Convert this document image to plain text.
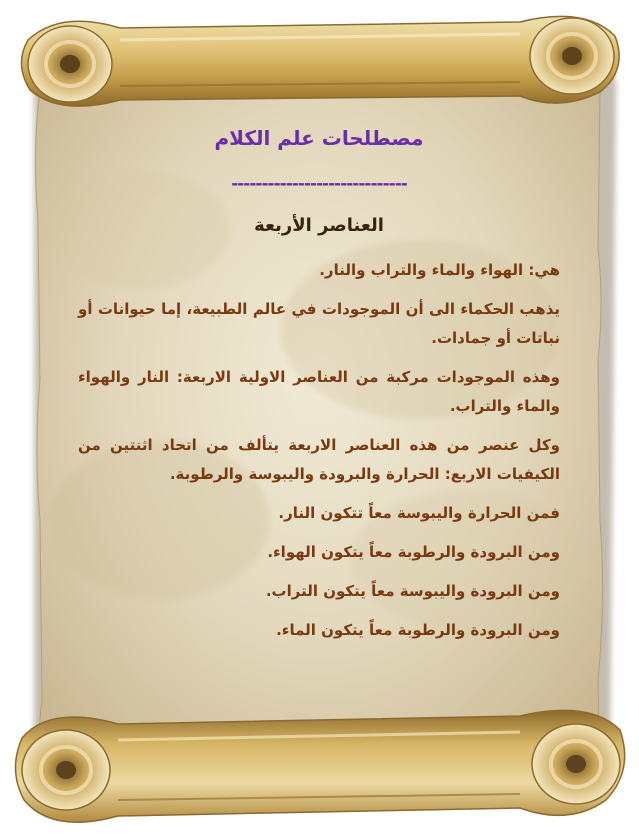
مصطلحات علم الكلام
-----------------------------
العناصر الأربعة

هي: الهواء والماء والتراب والنار.

يذهب الحكماء الى أن الموجودات في عالم الطبيعة، إما حيوانات أو نباتات أو جمادات.

وهذه الموجودات مركبة من العناصر الاولية الاربعة: النار والهواء والماء والتراب.

وكل عنصر من هذه العناصر الاربعة يتألف من اتحاد اثنتين من الكيفيات الاربع: الحرارة والبرودة واليبوسة والرطوبة.

فمن الحرارة واليبوسة معاً تتكون النار.

ومن البرودة والرطوبة معاً يتكون الهواء.

ومن البرودة واليبوسة معاً يتكون التراب.

ومن البرودة والرطوبة معاً يتكون الماء.
